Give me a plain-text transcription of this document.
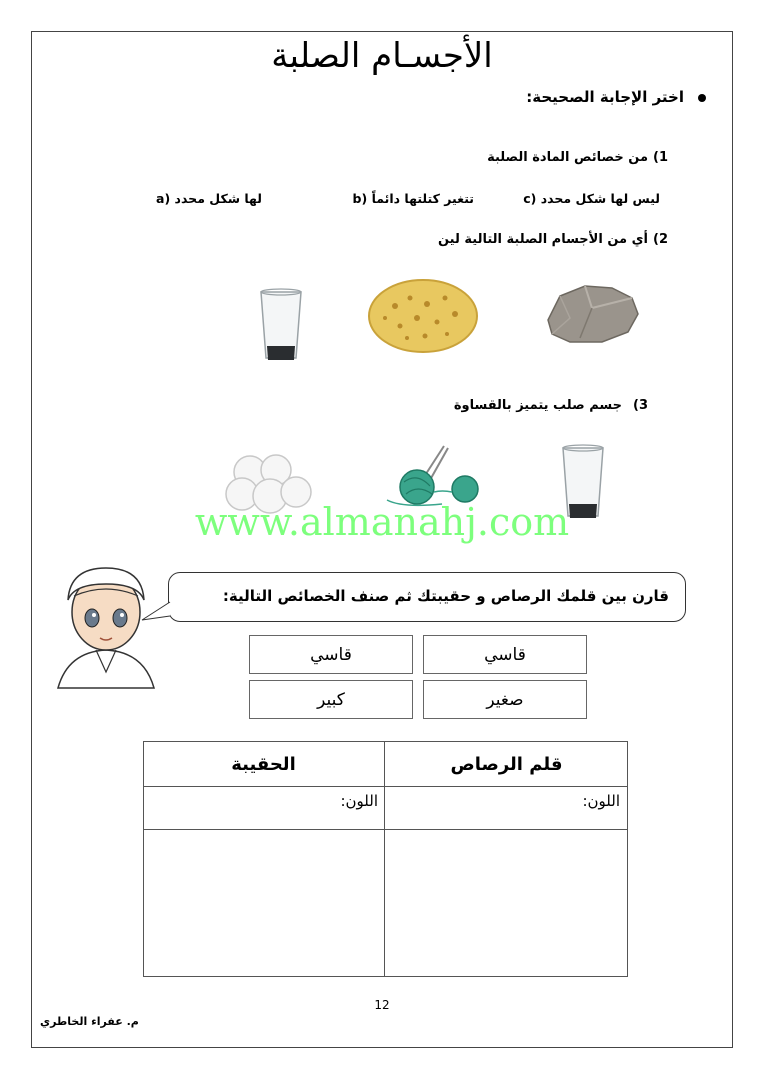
الأجسـام الصلبة
اختر الإجابة الصحيحة:
من خصائص المادة الصلبة 1)
ليس لها شكل محدد (c
تتغير كتلتها دائماً (b
لها شكل محدد (a
أي من الأجسام الصلبة التالية لين 2)
جسم صلب يتميز بالقساوة 3)
www.almanahj.com
قارن بين قلمك الرصاص و حقيبتك ثم صنف الخصائص التالية:
قاسي
قاسي
صغير
كبير
قلم الرصاص
الحقيبة
اللون:
اللون:
12
م. عفراء الخاطري
